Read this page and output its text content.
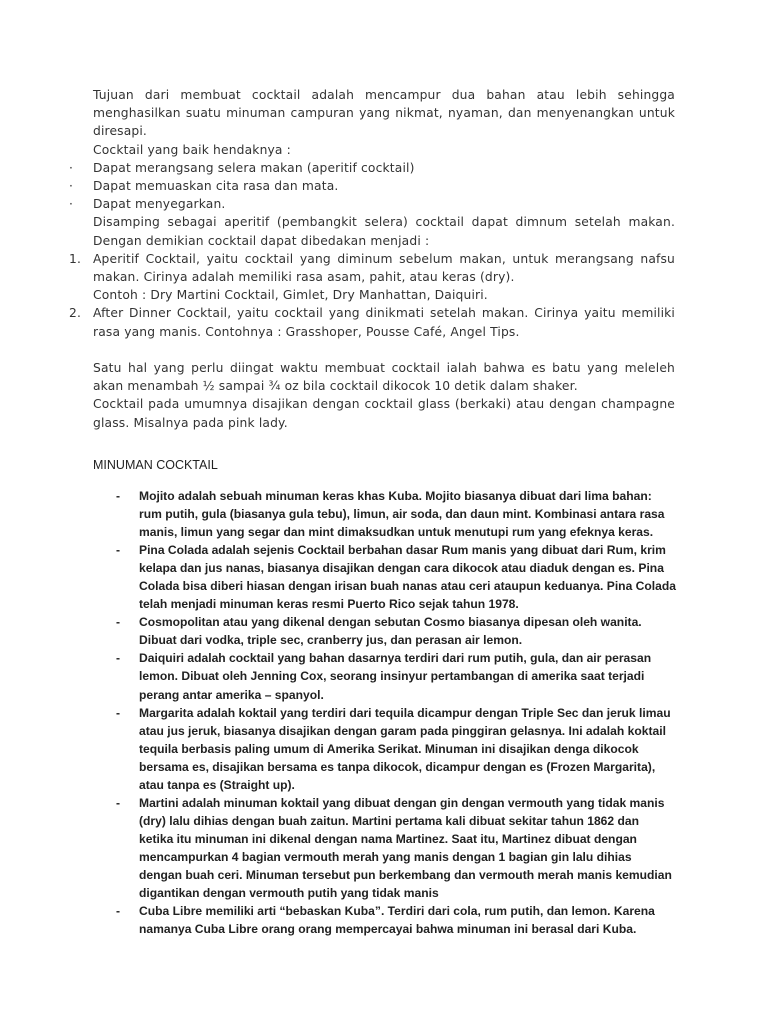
Tujuan dari membuat cocktail adalah mencampur dua bahan atau lebih sehingga menghasilkan suatu minuman campuran yang nikmat, nyaman, dan menyenangkan untuk diresapi.

Cocktail yang baik hendaknya :

·	Dapat merangsang selera makan (aperitif cocktail)
·	Dapat memuaskan cita rasa dan mata.
·	Dapat menyegarkan.

Disamping sebagai aperitif (pembangkit selera) cocktail dapat dimnum setelah makan. Dengan demikian cocktail dapat dibedakan menjadi :

1. Aperitif Cocktail, yaitu cocktail yang diminum sebelum makan, untuk merangsang nafsu makan. Cirinya adalah memiliki rasa asam, pahit, atau keras (dry).
Contoh : Dry Martini Cocktail, Gimlet, Dry Manhattan, Daiquiri.
2. After Dinner Cocktail, yaitu cocktail yang dinikmati setelah makan. Cirinya yaitu memiliki rasa yang manis. Contohnya : Grasshoper, Pousse Café, Angel Tips.

Satu hal yang perlu diingat waktu membuat cocktail ialah bahwa es batu yang meleleh akan menambah ½ sampai ¾ oz bila cocktail dikocok 10 detik dalam shaker.

Cocktail pada umumnya disajikan dengan cocktail glass (berkaki) atau dengan champagne glass. Misalnya pada pink lady.

MINUMAN COCKTAIL
-	Mojito adalah sebuah minuman keras khas Kuba. Mojito biasanya dibuat dari lima bahan: rum putih, gula (biasanya gula tebu), limun, air soda, dan daun mint. Kombinasi antara rasa manis, limun yang segar dan mint dimaksudkan untuk menutupi rum yang efeknya keras.
-	Pina Colada adalah sejenis Cocktail berbahan dasar Rum manis yang dibuat dari Rum, krim kelapa dan jus nanas, biasanya disajikan dengan cara dikocok atau diaduk dengan es. Pina Colada bisa diberi hiasan dengan irisan buah nanas atau ceri ataupun keduanya. Pina Colada telah menjadi minuman keras resmi Puerto Rico sejak tahun 1978.
-	Cosmopolitan atau yang dikenal dengan sebutan Cosmo biasanya dipesan oleh wanita. Dibuat dari vodka, triple sec, cranberry jus, dan perasan air lemon.
-	Daiquiri adalah cocktail yang bahan dasarnya terdiri dari rum putih, gula, dan air perasan lemon. Dibuat oleh Jenning Cox, seorang insinyur pertambangan di amerika saat terjadi perang antar amerika – spanyol.
-	Margarita adalah koktail yang terdiri dari tequila dicampur dengan Triple Sec dan jeruk limau atau jus jeruk, biasanya disajikan dengan garam pada pinggiran gelasnya. Ini adalah koktail tequila berbasis paling umum di Amerika Serikat. Minuman ini disajikan denga dikocok bersama es, disajikan bersama es tanpa dikocok, dicampur dengan es (Frozen Margarita), atau tanpa es (Straight up).
-	Martini adalah minuman koktail yang dibuat dengan gin dengan vermouth yang tidak manis (dry) lalu dihias dengan buah zaitun. Martini pertama kali dibuat sekitar tahun 1862 dan ketika itu minuman ini dikenal dengan nama Martinez. Saat itu, Martinez dibuat dengan mencampurkan 4 bagian vermouth merah yang manis dengan 1 bagian gin lalu dihias dengan buah ceri. Minuman tersebut pun berkembang dan vermouth merah manis kemudian digantikan dengan vermouth putih yang tidak manis
-	Cuba Libre memiliki arti “bebaskan Kuba”. Terdiri dari cola, rum putih, dan lemon. Karena namanya Cuba Libre orang orang mempercayai bahwa minuman ini berasal dari Kuba.
